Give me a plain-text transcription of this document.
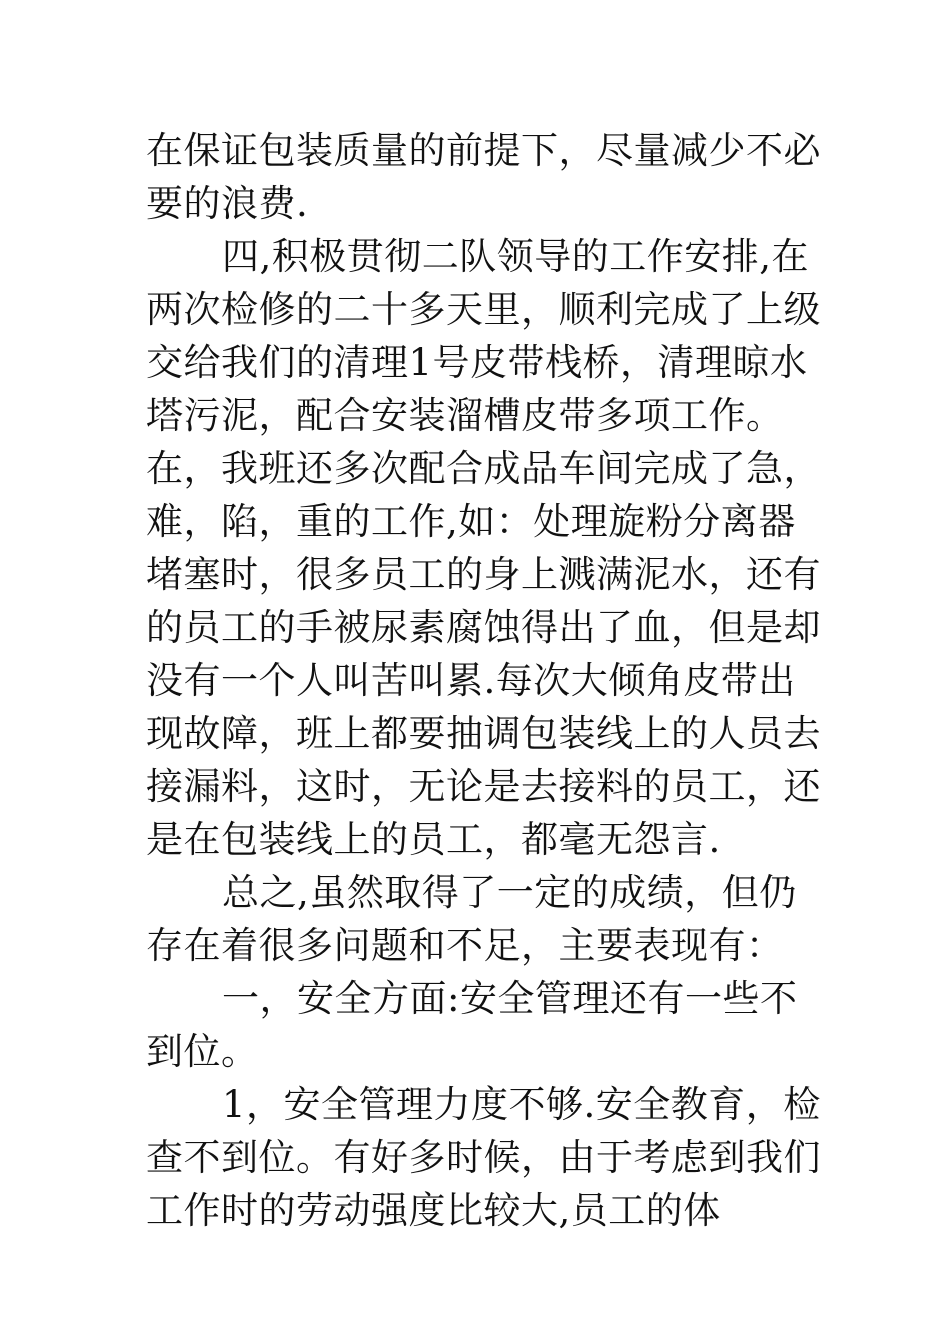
在保证包装质量的前提下，尽量减少不必要的浪费.

四,积极贯彻二队领导的工作安排,在两次检修的二十多天里，顺利完成了上级交给我们的清理1号皮带栈桥，清理晾水塔污泥，配合安装溜槽皮带多项工作。在，我班还多次配合成品车间完成了急，难，陷，重的工作,如：处理旋粉分离器堵塞时，很多员工的身上溅满泥水，还有的员工的手被尿素腐蚀得出了血，但是却没有一个人叫苦叫累.每次大倾角皮带出现故障，班上都要抽调包装线上的人员去接漏料，这时，无论是去接料的员工，还是在包装线上的员工，都毫无怨言.

总之,虽然取得了一定的成绩，但仍存在着很多问题和不足，主要表现有：

一，安全方面:安全管理还有一些不到位。

1，安全管理力度不够.安全教育，检查不到位。有好多时候，由于考虑到我们工作时的劳动强度比较大,员工的体
